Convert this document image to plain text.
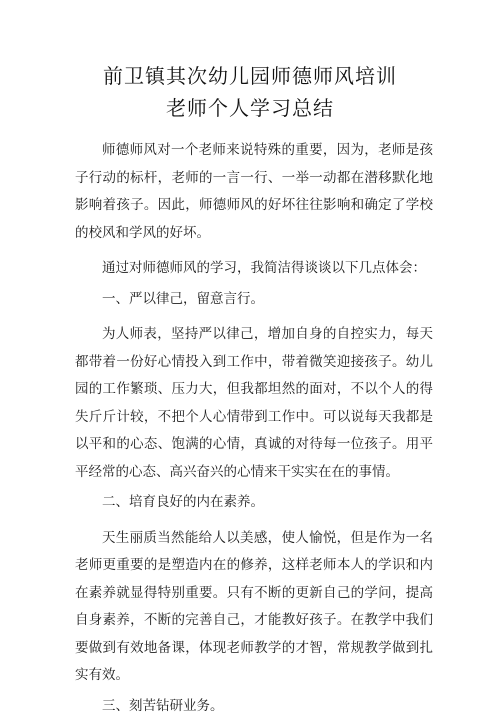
前卫镇其次幼儿园师德师风培训
老师个人学习总结

师德师风对一个老师来说特殊的重要，因为，老师是孩子行动的标杆，老师的一言一行、一举一动都在潜移默化地影响着孩子。因此，师德师风的好坏往往影响和确定了学校的校风和学风的好坏。

通过对师德师风的学习，我简洁得谈谈以下几点体会：

一、严以律己，留意言行。

为人师表，坚持严以律己，增加自身的自控实力，每天都带着一份好心情投入到工作中，带着微笑迎接孩子。幼儿园的工作繁琐、压力大，但我都坦然的面对，不以个人的得失斤斤计较，不把个人心情带到工作中。可以说每天我都是以平和的心态、饱满的心情，真诚的对待每一位孩子。用平平经常的心态、高兴奋兴的心情来干实实在在的事情。

二、培育良好的内在素养。

天生丽质当然能给人以美感，使人愉悦，但是作为一名老师更重要的是塑造内在的修养，这样老师本人的学识和内在素养就显得特别重要。只有不断的更新自己的学问，提高自身素养，不断的完善自己，才能教好孩子。在教学中我们要做到有效地备课，体现老师教学的才智，常规教学做到扎实有效。

三、刻苦钻研业务。
